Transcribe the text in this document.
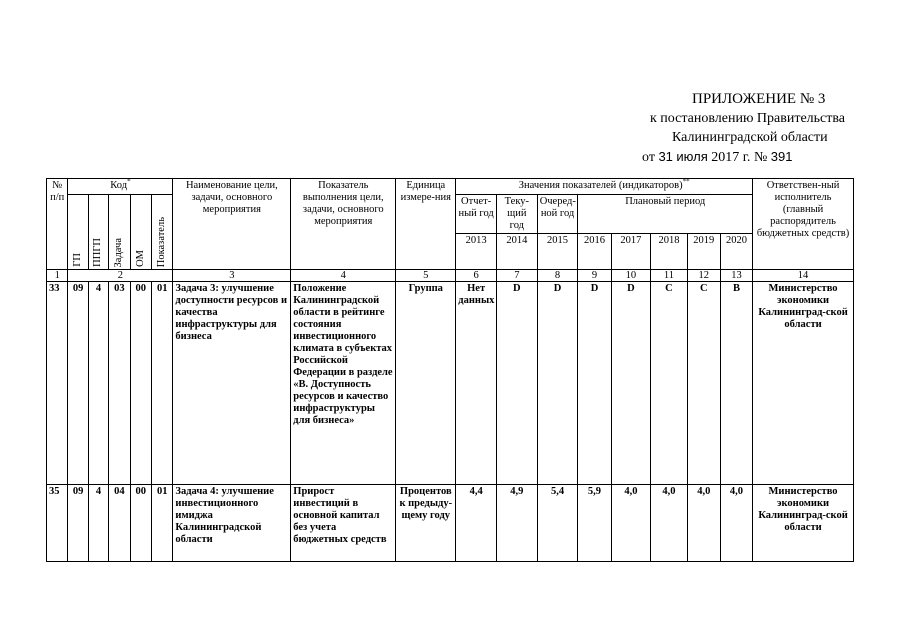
ПРИЛОЖЕНИЕ № 3
к постановлению Правительства
Калининградской области
от 31 июля 2017 г. № 391
№ п/п	Код*					Наименование цели, задачи, основного мероприятия	Показатель выполнения цели, задачи, основного мероприятия	Единица измере-ния	Значения показателей (индикаторов)**								Ответствен-ный исполнитель (главный распорядитель бюджетных средств)

	ГП	ППГП	Задача	ОМ	Показатель				Отчет-ный год	Теку-щий год	Очеред-ной год	Плановый период					
									2013	2014	2015	2016	2017	2018	2019	2020	
1	2					3	4	5	6	7	8	9	10	11	12	13	14
33	09	4	03	00	01	Задача 3: улучшение доступности ресурсов и качества инфраструктуры для бизнеса	Положение Калининградской области в рейтинге состояния инвестиционного климата в субъектах Российской Федерации в разделе «В. Доступность ресурсов и качество инфраструктуры для бизнеса»	Группа	Нет данных	D	D	D	D	C	C	B	Министерство экономики Калининград-ской области
35	09	4	04	00	01	Задача 4: улучшение инвестиционного имиджа Калининградской области	Прирост инвестиций в основной капитал без учета бюджетных средств	Процентов к предыду-щему году	4,4	4,9	5,4	5,9	4,0	4,0	4,0	4,0	Министерство экономики Калининград-ской области
